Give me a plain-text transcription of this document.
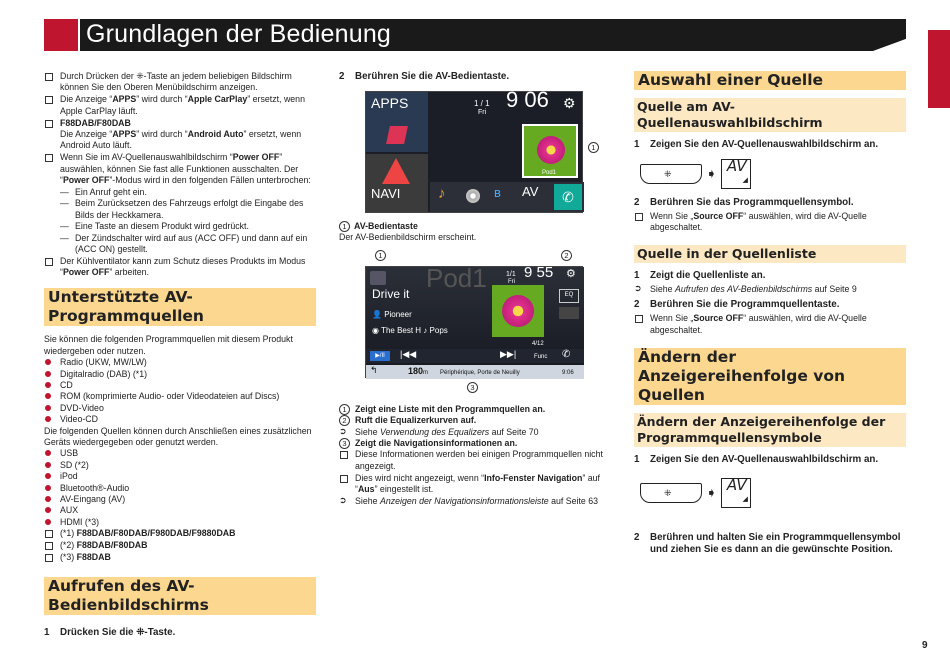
Grundlagen der Bedienung
9
Durch Drücken der ⁜-Taste an jedem beliebigen Bildschirm können Sie den Oberen Menübildschirm anzeigen.
Die Anzeige “APPS” wird durch “Apple CarPlay” ersetzt, wenn Apple CarPlay läuft.
F88DAB/F80DAB
Die Anzeige “APPS” wird durch “Android Auto” ersetzt, wenn Android Auto läuft.
Wenn Sie im AV-Quellenauswahlbildschirm “Power OFF” auswählen, können Sie fast alle Funktionen ausschalten. Der “Power OFF”-Modus wird in den folgenden Fällen unterbrochen:
— Ein Anruf geht ein.
— Beim Zurücksetzen des Fahrzeugs erfolgt die Eingabe des Bilds der Heckkamera.
— Eine Taste an diesem Produkt wird gedrückt.
— Der Zündschalter wird auf aus (ACC OFF) und dann auf ein (ACC ON) gestellt.
Der Kühlventilator kann zum Schutz dieses Produkts im Modus “Power OFF” arbeiten.
Unterstützte AV-Programmquellen
Sie können die folgenden Programmquellen mit diesem Produkt wiedergeben oder nutzen.
Radio (UKW, MW/LW)
Digitalradio (DAB) (*1)
CD
ROM (komprimierte Audio- oder Videodateien auf Discs)
DVD-Video
Video-CD
Die folgenden Quellen können durch Anschließen eines zusätzlichen Geräts wiedergegeben oder genutzt werden.
USB
SD (*2)
iPod
Bluetooth®-Audio
AV-Eingang (AV)
AUX
HDMI (*3)
(*1) F88DAB/F80DAB/F980DAB/F9880DAB
(*2) F88DAB/F80DAB
(*3) F88DAB
Aufrufen des AV-Bedienbildschirms
1 Drücken Sie die ⁜-Taste.
2 Berühren Sie die AV-Bedientaste.
APPS
NAVI
1 / 1
Fri
9 06 ⚙
Pod1
1
♪	ʙ AV	✆
1 AV-Bedientaste
Der AV-Bedienbildschirm erscheint.
1	2
Pod1	1/1
Fri
9 55 ⚙
Drive it
👤 Pioneer
◉ The Best H ♪ Pops
EQ
4/12
▶/II	|◀◀	▶▶|	Func ✆
↰	180m Périphérique, Porte de Neuilly	9:06
3
1 Zeigt eine Liste mit den Programmquellen an.
2 Ruft die Equalizerkurven auf.
➲ Siehe Verwendung des Equalizers auf Seite 70
3 Zeigt die Navigationsinformationen an.
Diese Informationen werden bei einigen Programmquellen nicht angezeigt.
Dies wird nicht angezeigt, wenn “Info-Fenster Navigation” auf “Aus” eingestellt ist.
➲ Siehe Anzeigen der Navigationsinformationsleiste auf Seite 63
Auswahl einer Quelle
Quelle am AV-Quellenauswahlbildschirm
1 Zeigen Sie den AV-Quellenauswahlbildschirm an.
⁜	➧ AV
◢
2 Berühren Sie das Programmquellensymbol.
Wenn Sie „Source OFF“ auswählen, wird die AV-Quelle abgeschaltet.
Quelle in der Quellenliste
1 Zeigt die Quellenliste an.
➲ Siehe Aufrufen des AV-Bedienbildschirms auf Seite 9
2 Berühren Sie die Programmquellentaste.
Wenn Sie „Source OFF“ auswählen, wird die AV-Quelle abgeschaltet.
Ändern der Anzeigereihenfolge von Quellen
Ändern der Anzeigereihenfolge der Programmquellensymbole
1 Zeigen Sie den AV-Quellenauswahlbildschirm an.
⁜	➧ AV
◢
2 Berühren und halten Sie ein Programmquellensymbol und ziehen Sie es dann an die gewünschte Position.
